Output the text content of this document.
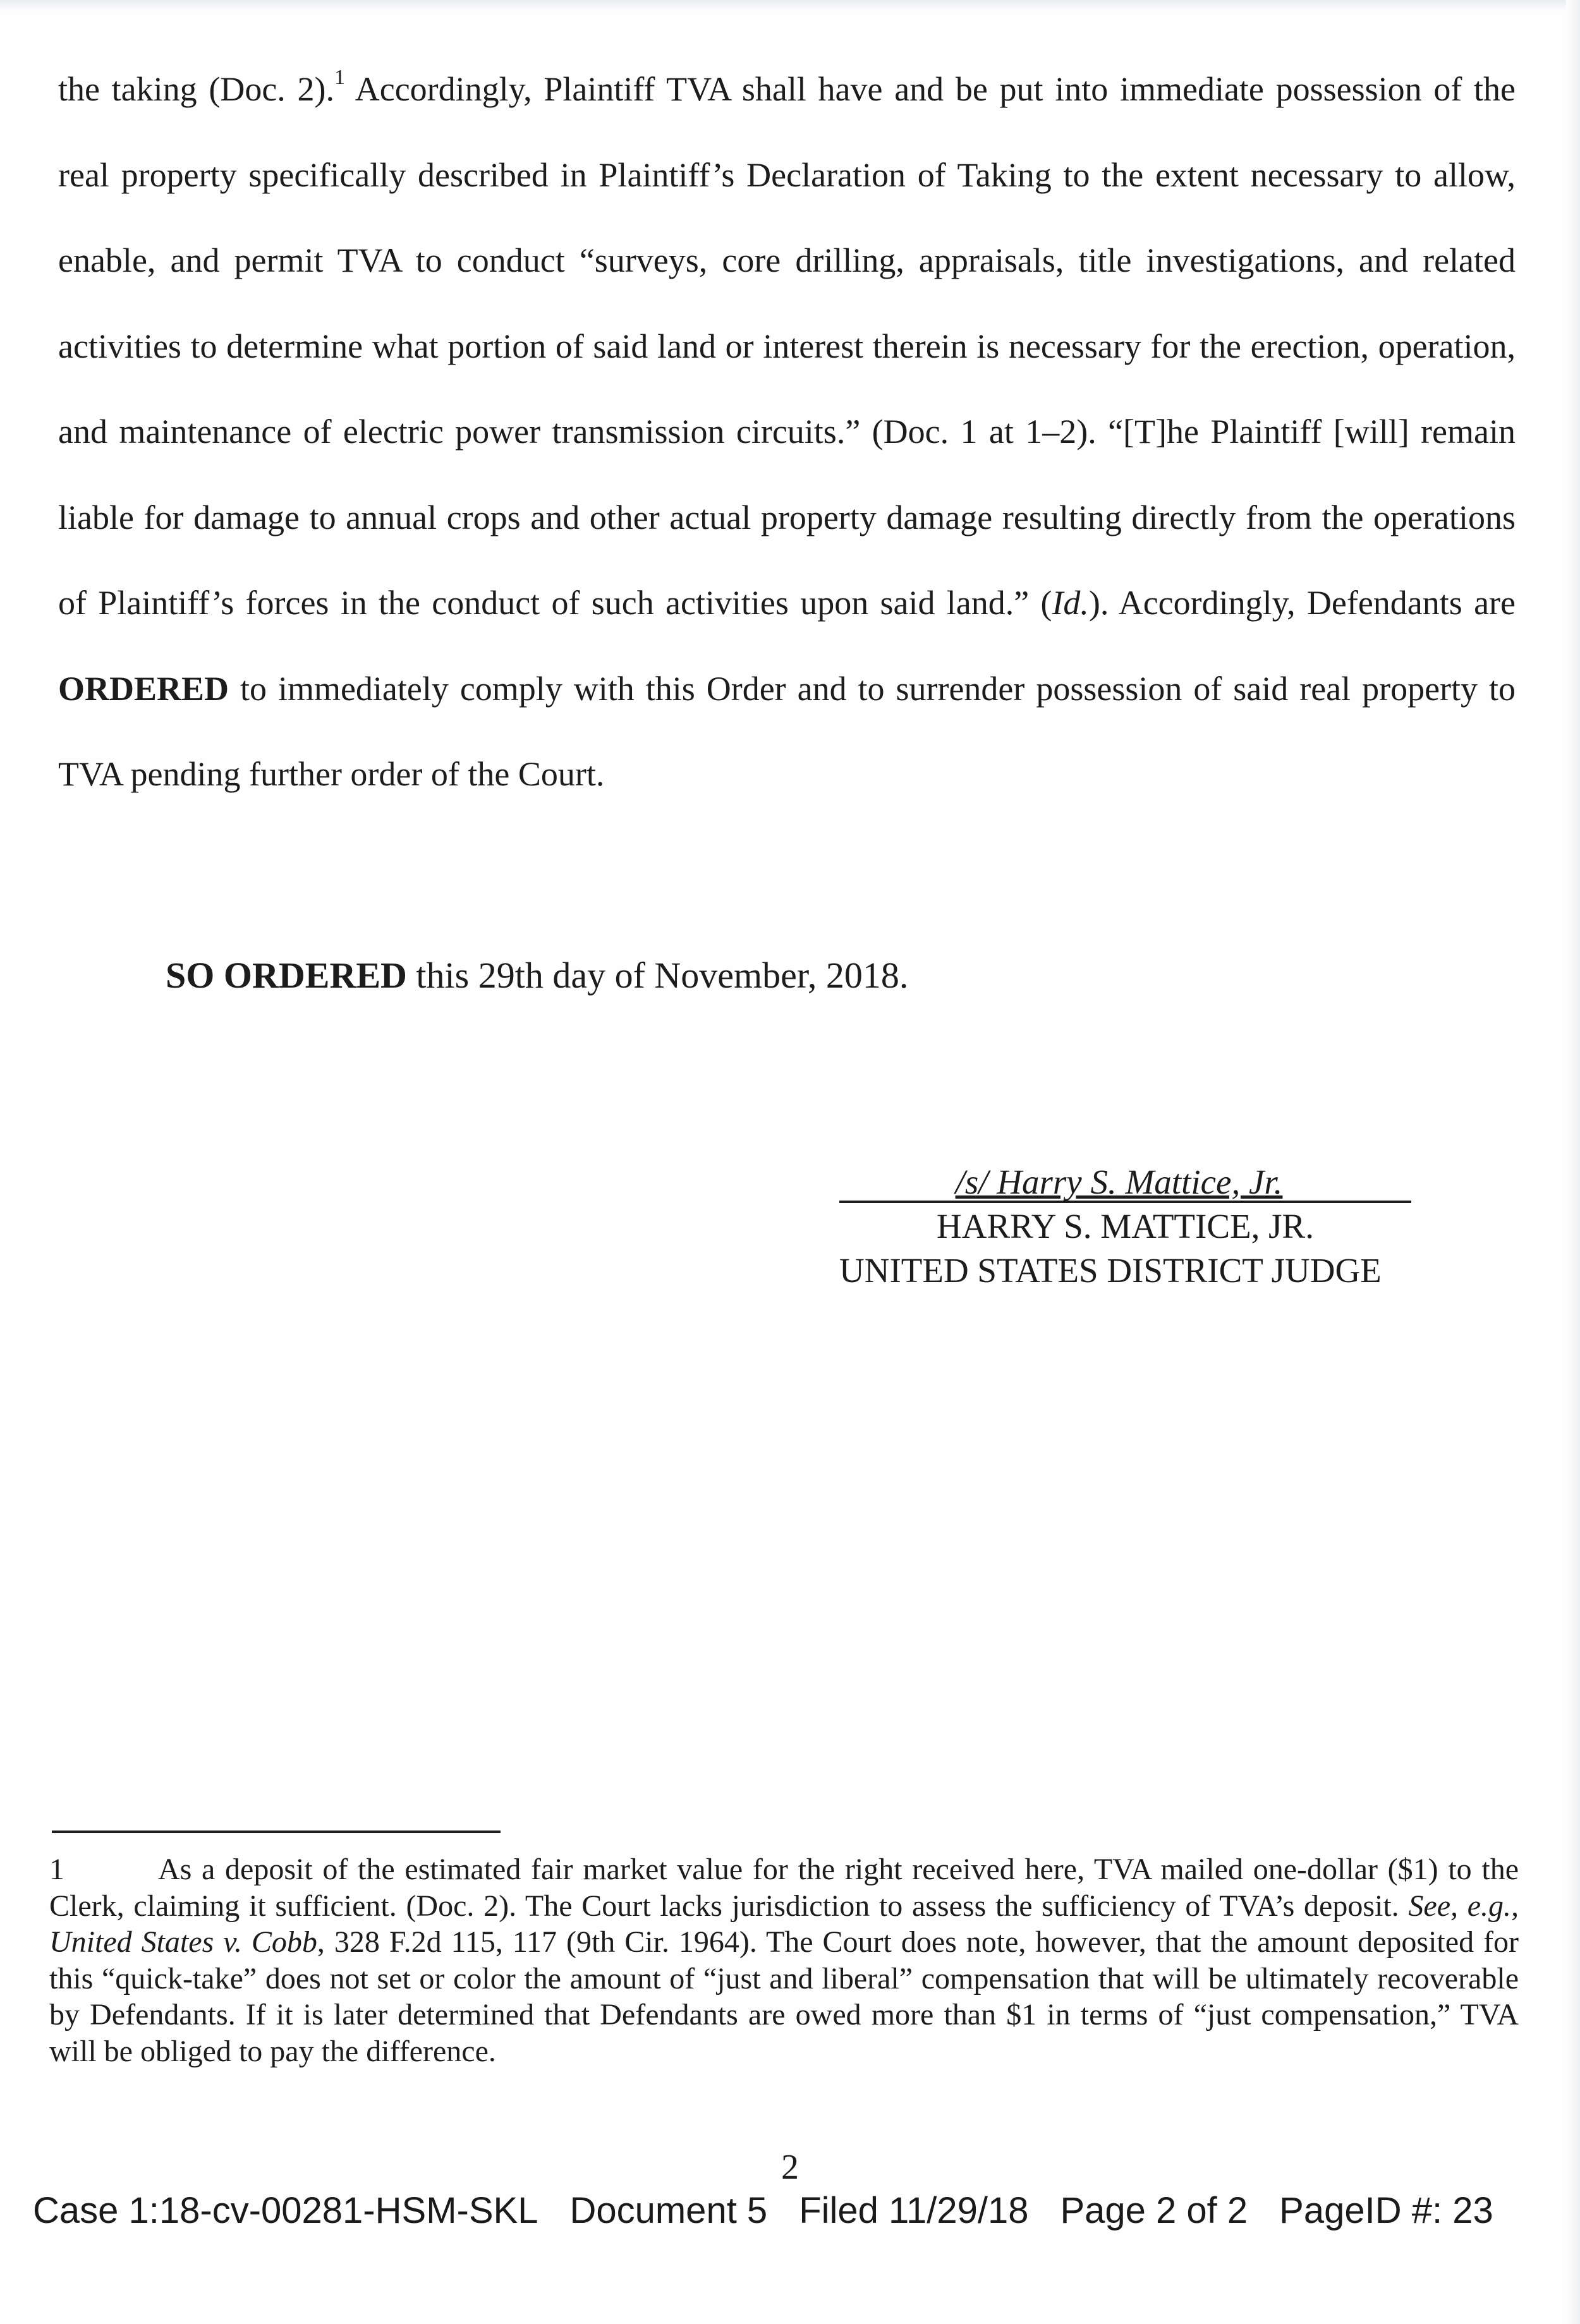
the taking (Doc. 2).$^1$ Accordingly, Plaintiff TVA shall have and be put into immediate possession of the real property specifically described in Plaintiff’s Declaration of Taking to the extent necessary to allow, enable, and permit TVA to conduct “surveys, core drilling, appraisals, title investigations, and related activities to determine what portion of said land or interest therein is necessary for the erection, operation, and maintenance of electric power transmission circuits.” (Doc. 1 at 1–2). “[T]he Plaintiff [will] remain liable for damage to annual crops and other actual property damage resulting directly from the operations of Plaintiff’s forces in the conduct of such activities upon said land.” (Id.). Accordingly, Defendants are ORDERED to immediately comply with this Order and to surrender possession of said real property to TVA pending further order of the Court.

SO ORDERED this 29th day of November, 2018.
/s/ Harry S. Mattice, Jr.
HARRY S. MATTICE, JR.
UNITED STATES DISTRICT JUDGE
1	As a deposit of the estimated fair market value for the right received here, TVA mailed one-dollar ($1) to the Clerk, claiming it sufficient. (Doc. 2). The Court lacks jurisdiction to assess the sufficiency of TVA’s deposit. See, e.g., United States v. Cobb, 328 F.2d 115, 117 (9th Cir. 1964). The Court does note, however, that the amount deposited for this “quick-take” does not set or color the amount of “just and liberal” compensation that will be ultimately recoverable by Defendants. If it is later determined that Defendants are owed more than $1 in terms of “just compensation,” TVA will be obliged to pay the difference.
2
Case 1:18-cv-00281-HSM-SKL Document 5 Filed 11/29/18 Page 2 of 2 PageID #: 23
